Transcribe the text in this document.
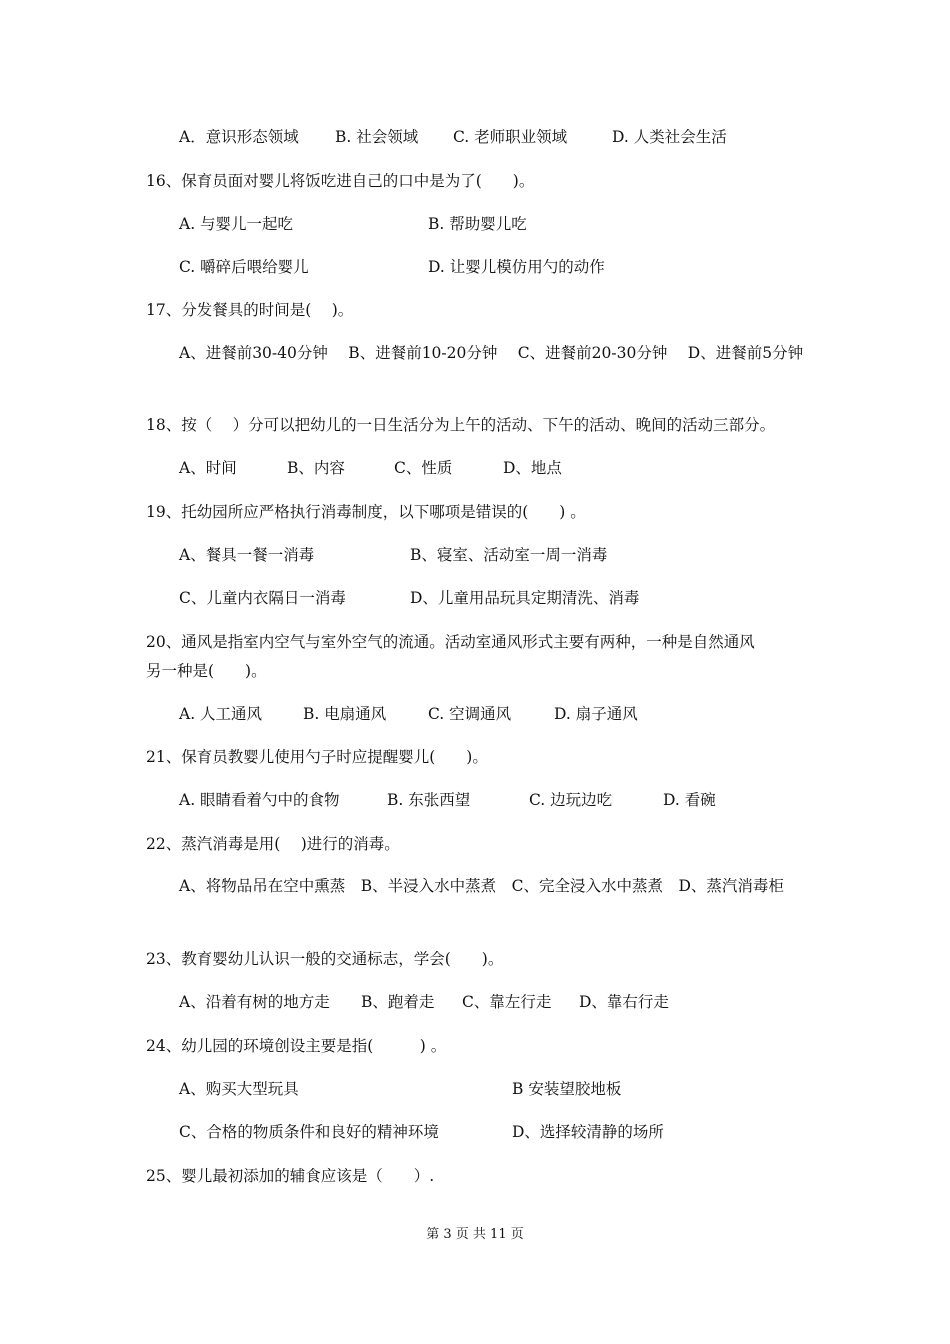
A．意识形态领域 B. 社会领域 C. 老师职业领域	D. 人类社会生活
16、保育员面对婴儿将饭吃进自己的口中是为了(　　)。
A. 与婴儿一起吃	B. 帮助婴儿吃
C. 嚼碎后喂给婴儿	D. 让婴儿模仿用勺的动作
17、分发餐具的时间是(　 )。
A、进餐前30-40分钟　 B、进餐前10-20分钟　 C、进餐前20-30分钟　 D、进餐前5分钟
18、按（　 ）分可以把幼儿的一日生活分为上午的活动、下午的活动、晚间的活动三部分。
A、时间	B、内容	C、性质	D、地点
19、托幼园所应严格执行消毒制度，以下哪项是错误的(　　) 。
A、餐具一餐一消毒	B、寝室、活动室一周一消毒
C、儿童内衣隔日一消毒	D、儿童用品玩具定期清洗、消毒
20、通风是指室内空气与室外空气的流通。活动室通风形式主要有两种，一种是自然通风
另一种是(　　)。
A. 人工通风	B. 电扇通风	C. 空调通风	D. 扇子通风
21、保育员教婴儿使用勺子时应提醒婴儿(　　)。
A. 眼睛看着勺中的食物	B. 东张西望	C. 边玩边吃	D. 看碗
22、蒸汽消毒是用(　 )进行的消毒。
A、将物品吊在空中熏蒸　B、半浸入水中蒸煮　C、完全浸入水中蒸煮　D、蒸汽消毒柜
23、教育婴幼儿认识一般的交通标志，学会(　　)。
A、沿着有树的地方走 B、跑着走 C、靠左行走 D、靠右行走
24、幼儿园的环境创设主要是指(　　　) 。
A、购买大型玩具	B 安装望胶地板
C、合格的物质条件和良好的精神环境	D、选择较清静的场所
25、婴儿最初添加的辅食应该是（　　）.
第 3 页 共 11 页
